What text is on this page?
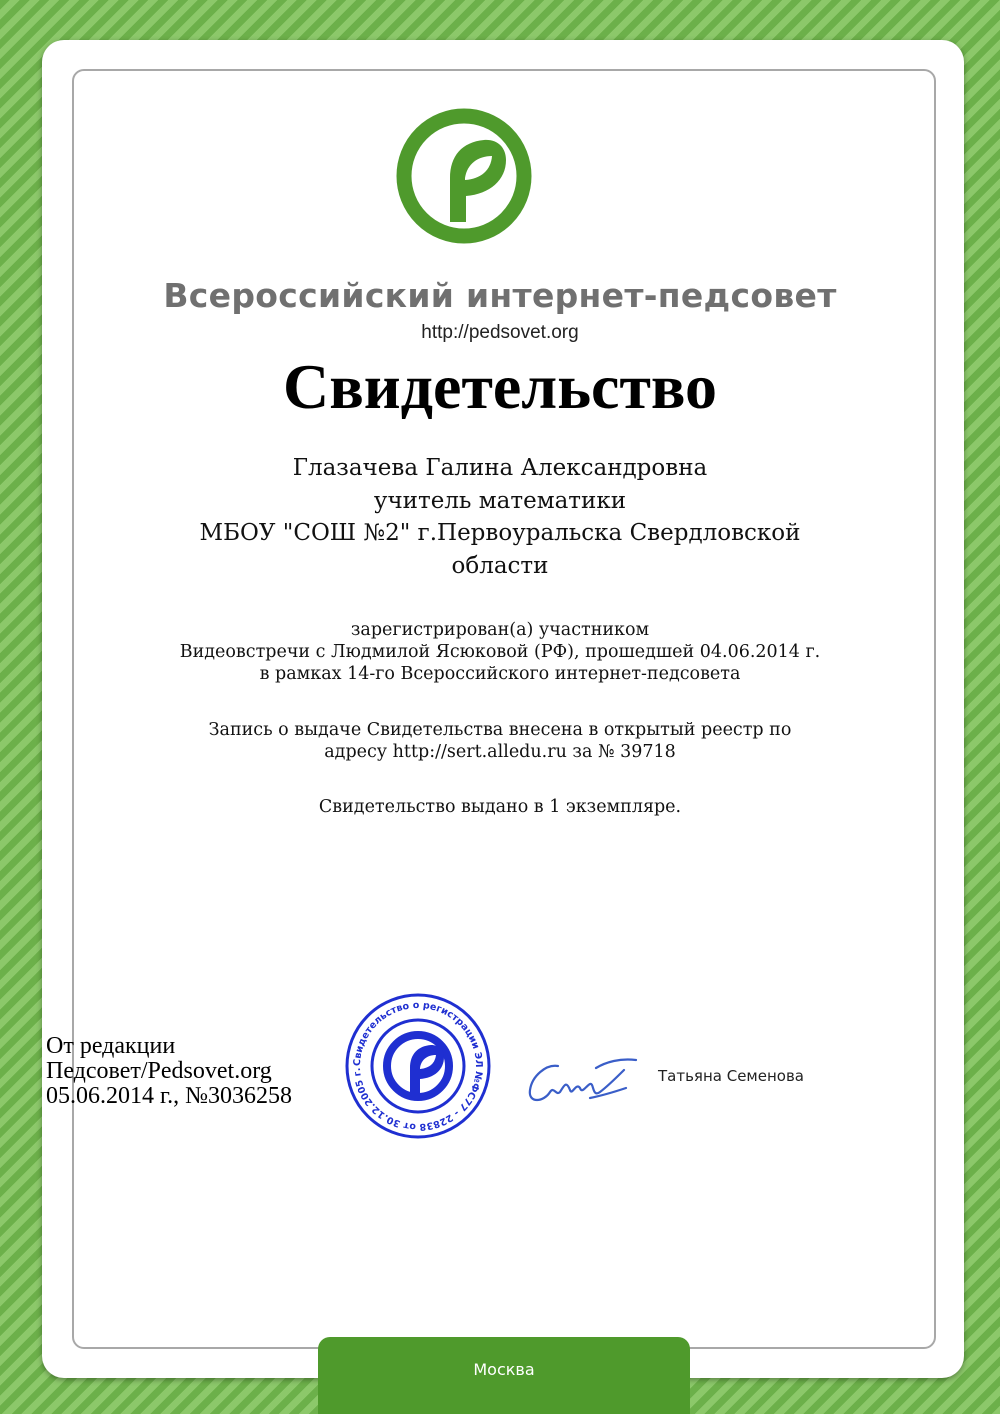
Всероссийский интернет-педсовет
http://pedsovet.org
Свидетельство
Глазачева Галина Александровна
учитель математики
МБОУ "СОШ №2" г.Первоуральска Свердловской
области
зарегистрирован(а) участником
Видеовстречи с Людмилой Ясюковой (РФ), прошедшей 04.06.2014 г.
в рамках 14-го Всероссийского интернет-педсовета
Запись о выдаче Свидетельства внесена в открытый реестр по
адресу http://sert.alledu.ru за № 39718
Свидетельство выдано в 1 экземпляре.
От редакции
Педсовет/Pedsovet.org
05.06.2014 г., №3036258
Свидетельство о регистрации ЭЛ №ФС77 - 22838 от 30.12.2005 г.	Татьяна Семенова
Москва
